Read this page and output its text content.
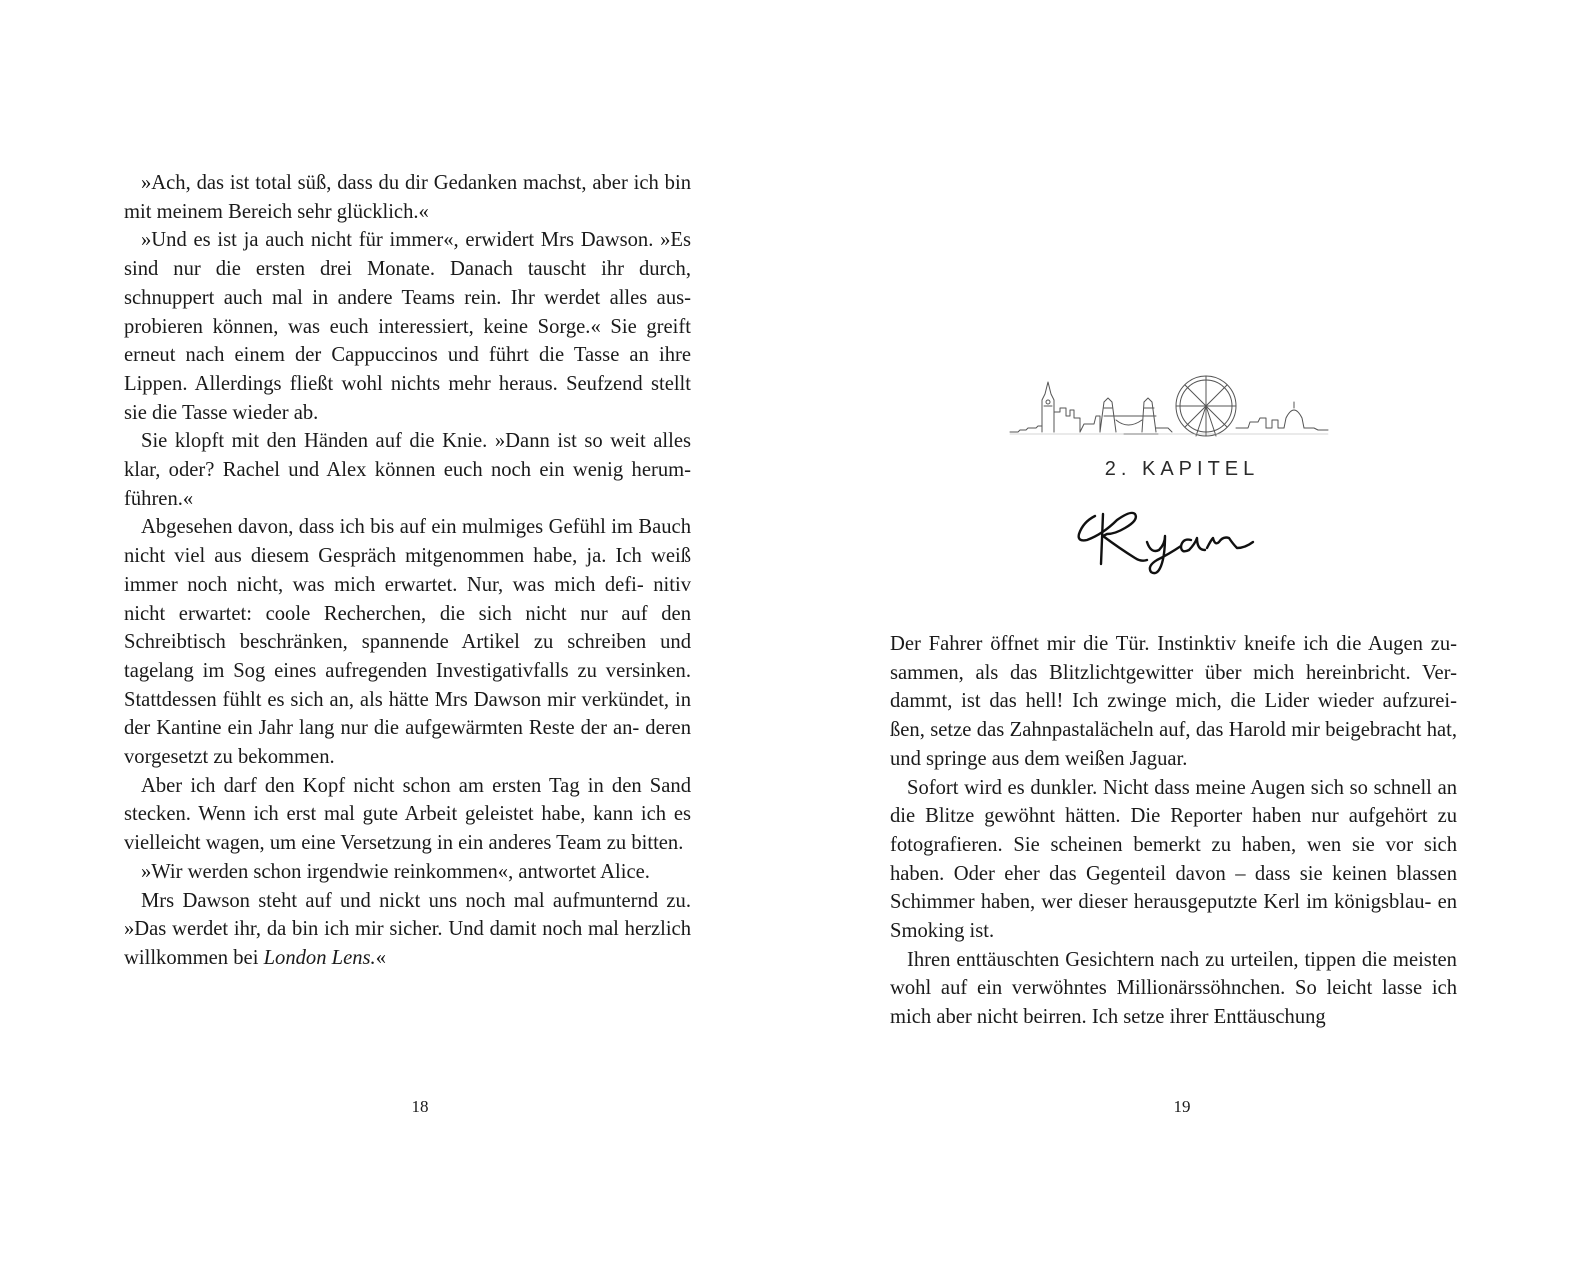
»Ach, das ist total süß, dass du dir Gedanken machst, aber ich bin mit meinem Bereich sehr glücklich.«

»Und es ist ja auch nicht für immer«, erwidert Mrs Dawson. »Es sind nur die ersten drei Monate. Danach tauscht ihr durch, schnuppert auch mal in andere Teams rein. Ihr werdet alles aus- probieren können, was euch interessiert, keine Sorge.« Sie greift erneut nach einem der Cappuccinos und führt die Tasse an ihre Lippen. Allerdings fließt wohl nichts mehr heraus. Seufzend stellt sie die Tasse wieder ab.

Sie klopft mit den Händen auf die Knie. »Dann ist so weit alles klar, oder? Rachel und Alex können euch noch ein wenig herum- führen.«

Abgesehen davon, dass ich bis auf ein mulmiges Gefühl im Bauch nicht viel aus diesem Gespräch mitgenommen habe, ja. Ich weiß immer noch nicht, was mich erwartet. Nur, was mich defi- nitiv nicht erwartet: coole Recherchen, die sich nicht nur auf den Schreibtisch beschränken, spannende Artikel zu schreiben und tagelang im Sog eines aufregenden Investigativfalls zu versinken. Stattdessen fühlt es sich an, als hätte Mrs Dawson mir verkündet, in der Kantine ein Jahr lang nur die aufgewärmten Reste der an- deren vorgesetzt zu bekommen.

Aber ich darf den Kopf nicht schon am ersten Tag in den Sand stecken. Wenn ich erst mal gute Arbeit geleistet habe, kann ich es vielleicht wagen, um eine Versetzung in ein anderes Team zu bitten.

»Wir werden schon irgendwie reinkommen«, antwortet Alice.

Mrs Dawson steht auf und nickt uns noch mal aufmunternd zu. »Das werdet ihr, da bin ich mir sicher. Und damit noch mal herzlich willkommen bei London Lens.«

18
2. KAPITEL

Der Fahrer öffnet mir die Tür. Instinktiv kneife ich die Augen zu- sammen, als das Blitzlichtgewitter über mich hereinbricht. Ver- dammt, ist das hell! Ich zwinge mich, die Lider wieder aufzurei- ßen, setze das Zahnpastalächeln auf, das Harold mir beigebracht hat, und springe aus dem weißen Jaguar.

Sofort wird es dunkler. Nicht dass meine Augen sich so schnell an die Blitze gewöhnt hätten. Die Reporter haben nur aufgehört zu fotografieren. Sie scheinen bemerkt zu haben, wen sie vor sich haben. Oder eher das Gegenteil davon – dass sie keinen blassen Schimmer haben, wer dieser herausgeputzte Kerl im königsblau- en Smoking ist.

Ihren enttäuschten Gesichtern nach zu urteilen, tippen die meisten wohl auf ein verwöhntes Millionärssöhnchen. So leicht lasse ich mich aber nicht beirren. Ich setze ihrer Enttäuschung

19
